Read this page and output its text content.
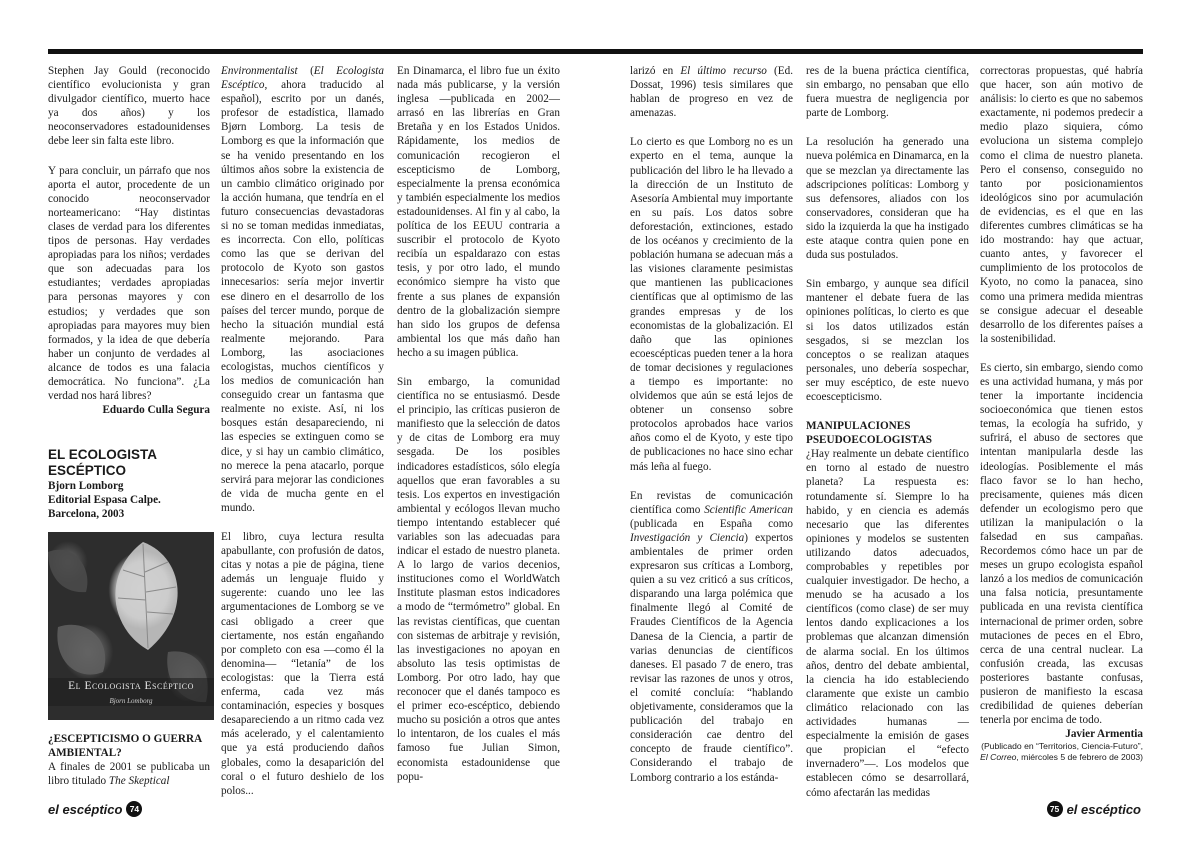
Stephen Jay Gould (reconocido científico evolucionista y gran divulgador científico, muerto hace ya dos años) y los neoconservadores estadounidenses debe leer sin falta este libro.

Y para concluir, un párrafo que nos aporta el autor, procedente de un conocido neoconservador norteamericano: “Hay distintas clases de verdad para los diferentes tipos de personas. Hay verdades apropiadas para los niños; verdades que son adecuadas para los estudiantes; verdades apropiadas para personas mayores y con estudios; y verdades que son apropiadas para mayores muy bien formados, y la idea de que debería haber un conjunto de verdades al alcance de todos es una falacia democrática. No funciona”. ¿La verdad nos hará libres?

Eduardo Culla Segura
EL ECOLOGISTA
ESCÉPTICO
Bjorn Lomborg
Editorial Espasa Calpe.
Barcelona, 2003
El Ecologista Escéptico
Bjorn Lomborg
¿ESCEPTICISMO O GUERRA
AMBIENTAL?

A finales de 2001 se publicaba un libro titulado The Skeptical

Environmentalist (El Ecologista Escéptico, ahora traducido al español), escrito por un danés, profesor de estadística, llamado Bjørn Lomborg. La tesis de Lomborg es que la información que se ha venido presentando en los últimos años sobre la existencia de un cambio climático originado por la acción humana, que tendría en el futuro consecuencias devastadoras si no se toman medidas inmediatas, es incorrecta. Con ello, políticas como las que se derivan del protocolo de Kyoto son gastos innecesarios: sería mejor invertir ese dinero en el desarrollo de los países del tercer mundo, porque de hecho la situación mundial está realmente mejorando. Para Lomborg, las asociaciones ecologistas, muchos científicos y los medios de comunicación han conseguido crear un fantasma que realmente no existe. Así, ni los bosques están desapareciendo, ni las especies se extinguen como se dice, y si hay un cambio climático, no merece la pena atacarlo, porque servirá para mejorar las condiciones de vida de mucha gente en el mundo.

El libro, cuya lectura resulta apabullante, con profusión de datos, citas y notas a pie de página, tiene además un lenguaje fluido y sugerente: cuando uno lee las argumentaciones de Lomborg se ve casi obligado a creer que ciertamente, nos están engañando por completo con esa —como él la denomina— “letanía” de los ecologistas: que la Tierra está enferma, cada vez más contaminación, especies y bosques desapareciendo a un ritmo cada vez más acelerado, y el calentamiento que ya está produciendo daños globales, como la desaparición del coral o el futuro deshielo de los polos...

En Dinamarca, el libro fue un éxito nada más publicarse, y la versión inglesa —publicada en 2002— arrasó en las librerías en Gran Bretaña y en los Estados Unidos. Rápidamente, los medios de comunicación recogieron el escepticismo de Lomborg, especialmente la prensa económica y también especialmente los medios estadounidenses. Al fin y al cabo, la política de los EEUU contraria a suscribir el protocolo de Kyoto recibía un espaldarazo con estas tesis, y por otro lado, el mundo económico siempre ha visto que frente a sus planes de expansión dentro de la globalización siempre han sido los grupos de defensa ambiental los que más daño han hecho a su imagen pública.

Sin embargo, la comunidad científica no se entusiasmó. Desde el principio, las críticas pusieron de manifiesto que la selección de datos y de citas de Lomborg era muy sesgada. De los posibles indicadores estadísticos, sólo elegía aquellos que eran favorables a su tesis. Los expertos en investigación ambiental y ecólogos llevan mucho tiempo intentando establecer qué variables son las adecuadas para indicar el estado de nuestro planeta. A lo largo de varios decenios, instituciones como el WorldWatch Institute plasman estos indicadores a modo de “termómetro” global. En las revistas científicas, que cuentan con sistemas de arbitraje y revisión, las investigaciones no apoyan en absoluto las tesis optimistas de Lomborg. Por otro lado, hay que reconocer que el danés tampoco es el primer eco-escéptico, debiendo mucho su posición a otros que antes lo intentaron, de los cuales el más famoso fue Julian Simon, economista estadounidense que popu-

larizó en El último recurso (Ed. Dossat, 1996) tesis similares que hablan de progreso en vez de amenazas.

Lo cierto es que Lomborg no es un experto en el tema, aunque la publicación del libro le ha llevado a la dirección de un Instituto de Asesoría Ambiental muy importante en su país. Los datos sobre deforestación, extinciones, estado de los océanos y crecimiento de la población humana se adecuan más a las visiones claramente pesimistas que mantienen las publicaciones científicas que al optimismo de las grandes empresas y de los economistas de la globalización. El daño que las opiniones ecoescépticas pueden tener a la hora de tomar decisiones y regulaciones a tiempo es importante: no olvidemos que aún se está lejos de obtener un consenso sobre protocolos aprobados hace varios años como el de Kyoto, y este tipo de publicaciones no hace sino echar más leña al fuego.

En revistas de comunicación científica como Scientific American (publicada en España como Investigación y Ciencia) expertos ambientales de primer orden expresaron sus críticas a Lomborg, quien a su vez criticó a sus críticos, disparando una larga polémica que finalmente llegó al Comité de Fraudes Científicos de la Agencia Danesa de la Ciencia, a partir de varias denuncias de científicos daneses. El pasado 7 de enero, tras revisar las razones de unos y otros, el comité concluía: “hablando objetivamente, consideramos que la publicación del trabajo en consideración cae dentro del concepto de fraude científico”. Considerando el trabajo de Lomborg contrario a los estánda-

res de la buena práctica científica, sin embargo, no pensaban que ello fuera muestra de negligencia por parte de Lomborg.

La resolución ha generado una nueva polémica en Dinamarca, en la que se mezclan ya directamente las adscripciones políticas: Lomborg y sus defensores, aliados con los conservadores, consideran que ha sido la izquierda la que ha instigado este ataque contra quien pone en duda sus postulados.

Sin embargo, y aunque sea difícil mantener el debate fuera de las opiniones políticas, lo cierto es que si los datos utilizados están sesgados, si se mezclan los conceptos o se realizan ataques personales, uno debería sospechar, ser muy escéptico, de este nuevo ecoescepticismo.

MANIPULACIONES PSEUDOECOLOGISTAS

¿Hay realmente un debate científico en torno al estado de nuestro planeta? La respuesta es: rotundamente sí. Siempre lo ha habido, y en ciencia es además necesario que las diferentes opiniones y modelos se sustenten utilizando datos adecuados, comprobables y repetibles por cualquier investigador. De hecho, a menudo se ha acusado a los científicos (como clase) de ser muy lentos dando explicaciones a los problemas que alcanzan dimensión de alarma social. En los últimos años, dentro del debate ambiental, la ciencia ha ido estableciendo claramente que existe un cambio climático relacionado con las actividades humanas —especialmente la emisión de gases que propician el “efecto invernadero”—. Los modelos que establecen cómo se desarrollará, cómo afectarán las medidas

correctoras propuestas, qué habría que hacer, son aún motivo de análisis: lo cierto es que no sabemos exactamente, ni podemos predecir a medio plazo siquiera, cómo evoluciona un sistema complejo como el clima de nuestro planeta. Pero el consenso, conseguido no tanto por posicionamientos ideológicos sino por acumulación de evidencias, es el que en las diferentes cumbres climáticas se ha ido mostrando: hay que actuar, cuanto antes, y favorecer el cumplimiento de los protocolos de Kyoto, no como la panacea, sino como una primera medida mientras se consigue adecuar el deseable desarrollo de los diferentes países a la sostenibilidad.

Es cierto, sin embargo, siendo como es una actividad humana, y más por tener la importante incidencia socioeconómica que tienen estos temas, la ecología ha sufrido, y sufrirá, el abuso de sectores que intentan manipularla desde las ideologías. Posiblemente el más flaco favor se lo han hecho, precisamente, quienes más dicen defender un ecologismo pero que utilizan la manipulación o la falsedad en sus campañas. Recordemos cómo hace un par de meses un grupo ecologista español lanzó a los medios de comunicación una falsa noticia, presuntamente publicada en una revista científica internacional de primer orden, sobre mutaciones de peces en el Ebro, cerca de una central nuclear. La confusión creada, las excusas posteriores bastante confusas, pusieron de manifiesto la escasa credibilidad de quienes deberían tenerla por encima de todo.

Javier Armentia
(Publicado en “Territorios, Ciencia-Futuro”,
El Correo, miércoles 5 de febrero de 2003)
el escéptico 74	75 el escéptico
